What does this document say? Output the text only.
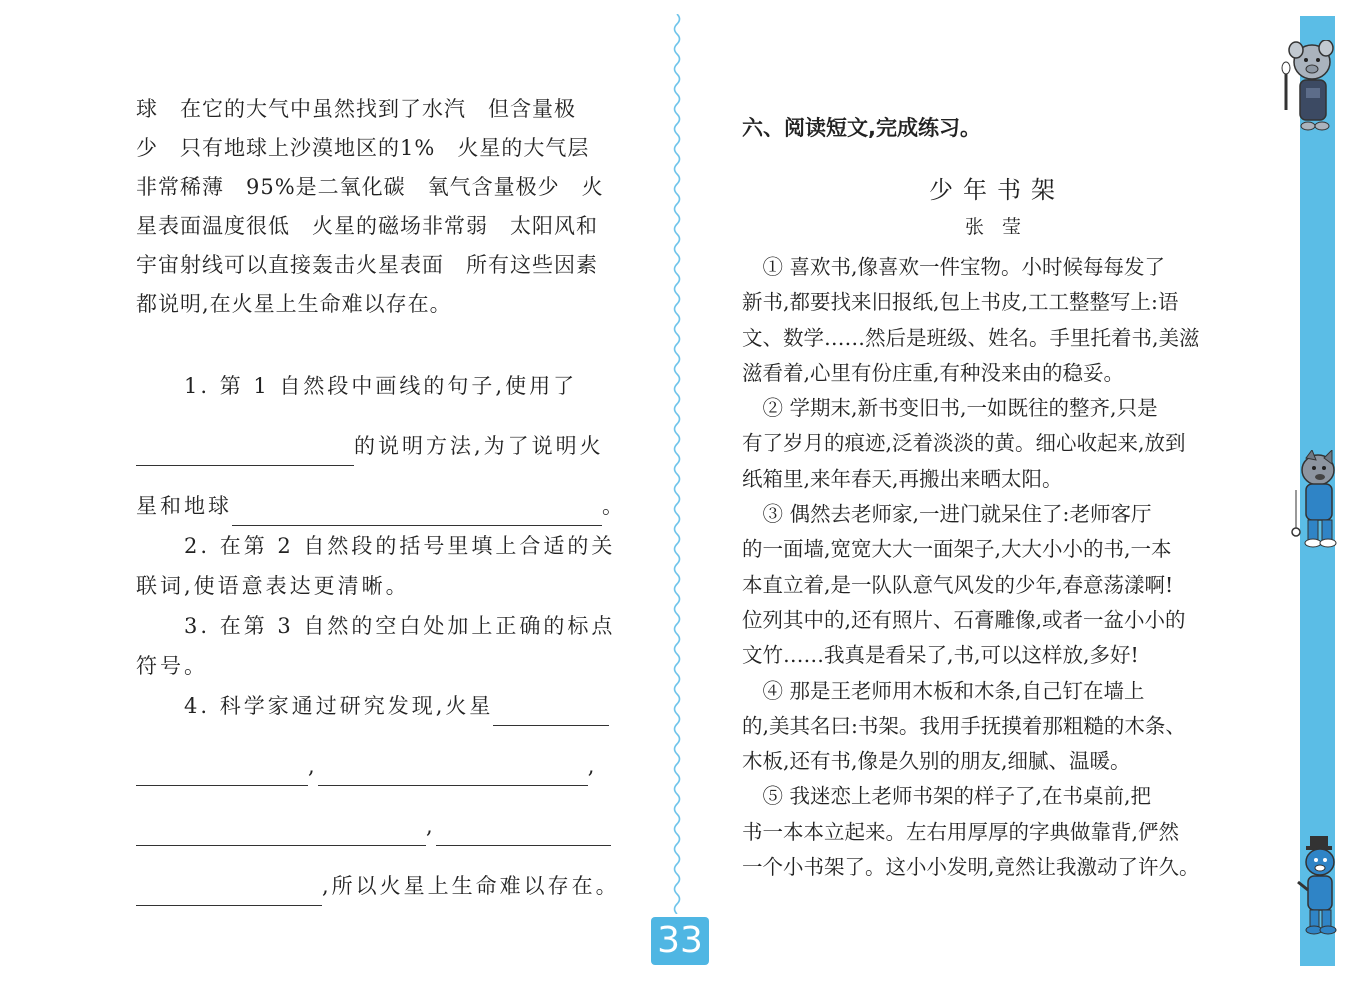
球　在它的大气中虽然找到了水汽　但含量极
少　只有地球上沙漠地区的1%　火星的大气层
非常稀薄　95%是二氧化碳　氧气含量极少　火
星表面温度很低　火星的磁场非常弱　太阳风和
宇宙射线可以直接轰击火星表面　所有这些因素
都说明,在火星上生命难以存在。
1. 第 1 自然段中画线的句子,使用了
的说明方法,为了说明火
星和地球	。
2. 在第 2 自然段的括号里填上合适的关
联词,使语意表达更清晰。
3. 在第 3 自然的空白处加上正确的标点
符号。
4. 科学家通过研究发现,火星
,	,
,
,所以火星上生命难以存在。
33
六、阅读短文,完成练习。
少年书架
张莹
　① 喜欢书,像喜欢一件宝物。小时候每每发了
新书,都要找来旧报纸,包上书皮,工工整整写上:语
文、数学……然后是班级、姓名。手里托着书,美滋
滋看着,心里有份庄重,有种没来由的稳妥。
　② 学期末,新书变旧书,一如既往的整齐,只是
有了岁月的痕迹,泛着淡淡的黄。细心收起来,放到
纸箱里,来年春天,再搬出来晒太阳。
　③ 偶然去老师家,一进门就呆住了:老师客厅
的一面墙,宽宽大大一面架子,大大小小的书,一本
本直立着,是一队队意气风发的少年,春意荡漾啊!
位列其中的,还有照片、石膏雕像,或者一盆小小的
文竹……我真是看呆了,书,可以这样放,多好!
　④ 那是王老师用木板和木条,自己钉在墙上
的,美其名曰:书架。我用手抚摸着那粗糙的木条、
木板,还有书,像是久别的朋友,细腻、温暖。
　⑤ 我迷恋上老师书架的样子了,在书桌前,把
书一本本立起来。左右用厚厚的字典做靠背,俨然
一个小书架了。这小小发明,竟然让我激动了许久。
